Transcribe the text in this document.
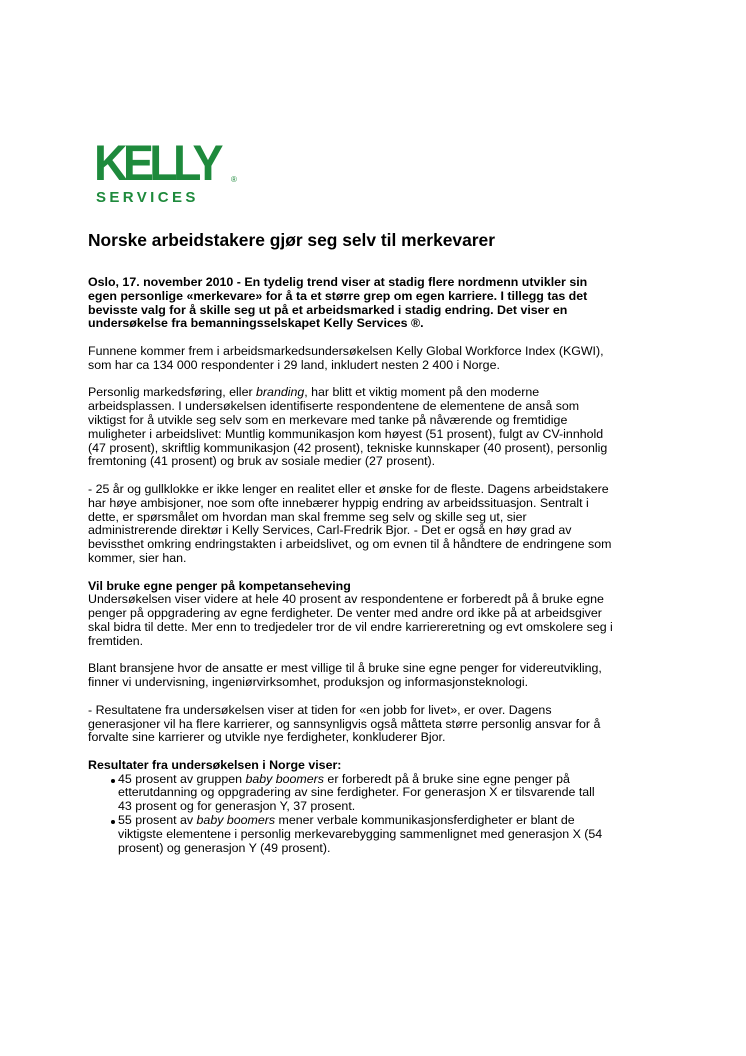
KELLY ®
SERVICES
Norske arbeidstakere gjør seg selv til merkevarer

Oslo, 17. november 2010 - En tydelig trend viser at stadig flere nordmenn utvikler sin
egen personlige «merkevare» for å ta et større grep om egen karriere. I tillegg tas det
bevisste valg for å skille seg ut på et arbeidsmarked i stadig endring. Det viser en
undersøkelse fra bemanningsselskapet Kelly Services ®.

Funnene kommer frem i arbeidsmarkedsundersøkelsen Kelly Global Workforce Index (KGWI),
som har ca 134 000 respondenter i 29 land, inkludert nesten 2 400 i Norge.

Personlig markedsføring, eller branding, har blitt et viktig moment på den moderne
arbeidsplassen. I undersøkelsen identifiserte respondentene de elementene de anså som
viktigst for å utvikle seg selv som en merkevare med tanke på nåværende og fremtidige
muligheter i arbeidslivet: Muntlig kommunikasjon kom høyest (51 prosent), fulgt av CV-innhold
(47 prosent), skriftlig kommunikasjon (42 prosent), tekniske kunnskaper (40 prosent), personlig
fremtoning (41 prosent) og bruk av sosiale medier (27 prosent).

- 25 år og gullklokke er ikke lenger en realitet eller et ønske for de fleste. Dagens arbeidstakere
har høye ambisjoner, noe som ofte innebærer hyppig endring av arbeidssituasjon. Sentralt i
dette, er spørsmålet om hvordan man skal fremme seg selv og skille seg ut, sier
administrerende direktør i Kelly Services, Carl-Fredrik Bjor. - Det er også en høy grad av
bevissthet omkring endringstakten i arbeidslivet, og om evnen til å håndtere de endringene som
kommer, sier han.

Vil bruke egne penger på kompetanseheving
Undersøkelsen viser videre at hele 40 prosent av respondentene er forberedt på å bruke egne
penger på oppgradering av egne ferdigheter. De venter med andre ord ikke på at arbeidsgiver
skal bidra til dette. Mer enn to tredjedeler tror de vil endre karriereretning og evt omskolere seg i
fremtiden.

Blant bransjene hvor de ansatte er mest villige til å bruke sine egne penger for videreutvikling,
finner vi undervisning, ingeniørvirksomhet, produksjon og informasjonsteknologi.

- Resultatene fra undersøkelsen viser at tiden for «en jobb for livet», er over. Dagens
generasjoner vil ha flere karrierer, og sannsynligvis også måtteta større personlig ansvar for å
forvalte sine karrierer og utvikle nye ferdigheter, konkluderer Bjor.

Resultater fra undersøkelsen i Norge viser:
45 prosent av gruppen baby boomers er forberedt på å bruke sine egne penger på
etterutdanning og oppgradering av sine ferdigheter. For generasjon X er tilsvarende tall
43 prosent og for generasjon Y, 37 prosent.
55 prosent av baby boomers mener verbale kommunikasjonsferdigheter er blant de
viktigste elementene i personlig merkevarebygging sammenlignet med generasjon X (54
prosent) og generasjon Y (49 prosent).
